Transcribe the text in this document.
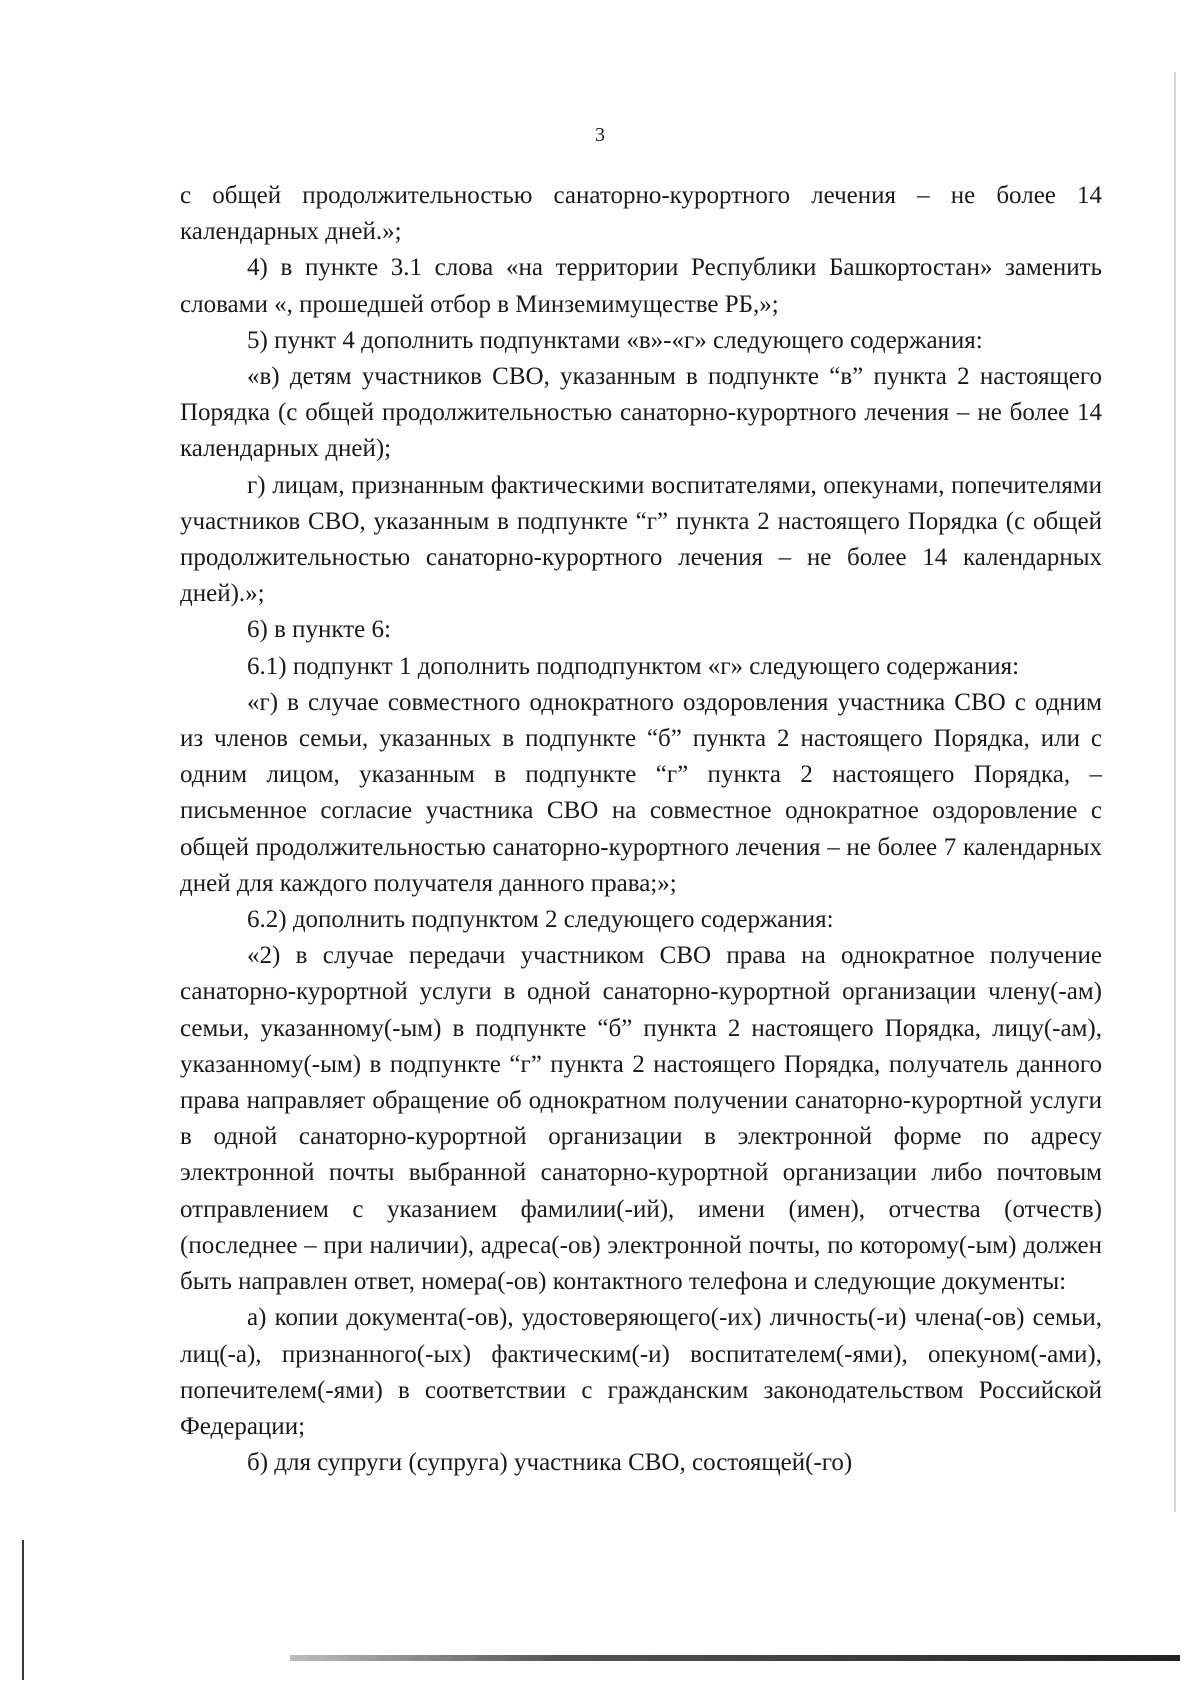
3

с общей продолжительностью санаторно-курортного лечения – не более 14 календарных дней.»;

4) в пункте 3.1 слова «на территории Республики Башкортостан» заменить словами «, прошедшей отбор в Минземимуществе РБ,»;

5) пункт 4 дополнить подпунктами «в»-«г» следующего содержания:

«в) детям участников СВО, указанным в подпункте “в” пункта 2 настоящего Порядка (с общей продолжительностью санаторно-курортного лечения – не более 14 календарных дней);

г) лицам, признанным фактическими воспитателями, опекунами, попечителями участников СВО, указанным в подпункте “г” пункта 2 настоящего Порядка (с общей продолжительностью санаторно-курортного лечения – не более 14 календарных дней).»;

6) в пункте 6:

6.1) подпункт 1 дополнить подподпунктом «г» следующего содержания:

«г) в случае совместного однократного оздоровления участника СВО с одним из членов семьи, указанных в подпункте “б” пункта 2 настоящего Порядка, или с одним лицом, указанным в подпункте “г” пункта 2 настоящего Порядка, – письменное согласие участника СВО на совместное однократное оздоровление с общей продолжительностью санаторно-курортного лечения – не более 7 календарных дней для каждого получателя данного права;»;

6.2) дополнить подпунктом 2 следующего содержания:

«2) в случае передачи участником СВО права на однократное получение санаторно-курортной услуги в одной санаторно-курортной организации члену(-ам) семьи, указанному(-ым) в подпункте “б” пункта 2 настоящего Порядка, лицу(-ам), указанному(-ым) в подпункте “г” пункта 2 настоящего Порядка, получатель данного права направляет обращение об однократном получении санаторно-курортной услуги в одной санаторно-курортной организации в электронной форме по адресу электронной почты выбранной санаторно-курортной организации либо почтовым отправлением с указанием фамилии(-ий), имени (имен), отчества (отчеств) (последнее – при наличии), адреса(-ов) электронной почты, по которому(-ым) должен быть направлен ответ, номера(-ов) контактного телефона и следующие документы:

а) копии документа(-ов), удостоверяющего(-их) личность(-и) члена(-ов) семьи, лиц(-а), признанного(-ых) фактическим(-и) воспитателем(-ями), опекуном(-ами), попечителем(-ями) в соответствии с гражданским законодательством Российской Федерации;

б) для супруги (супруга) участника СВО, состоящей(-го)
